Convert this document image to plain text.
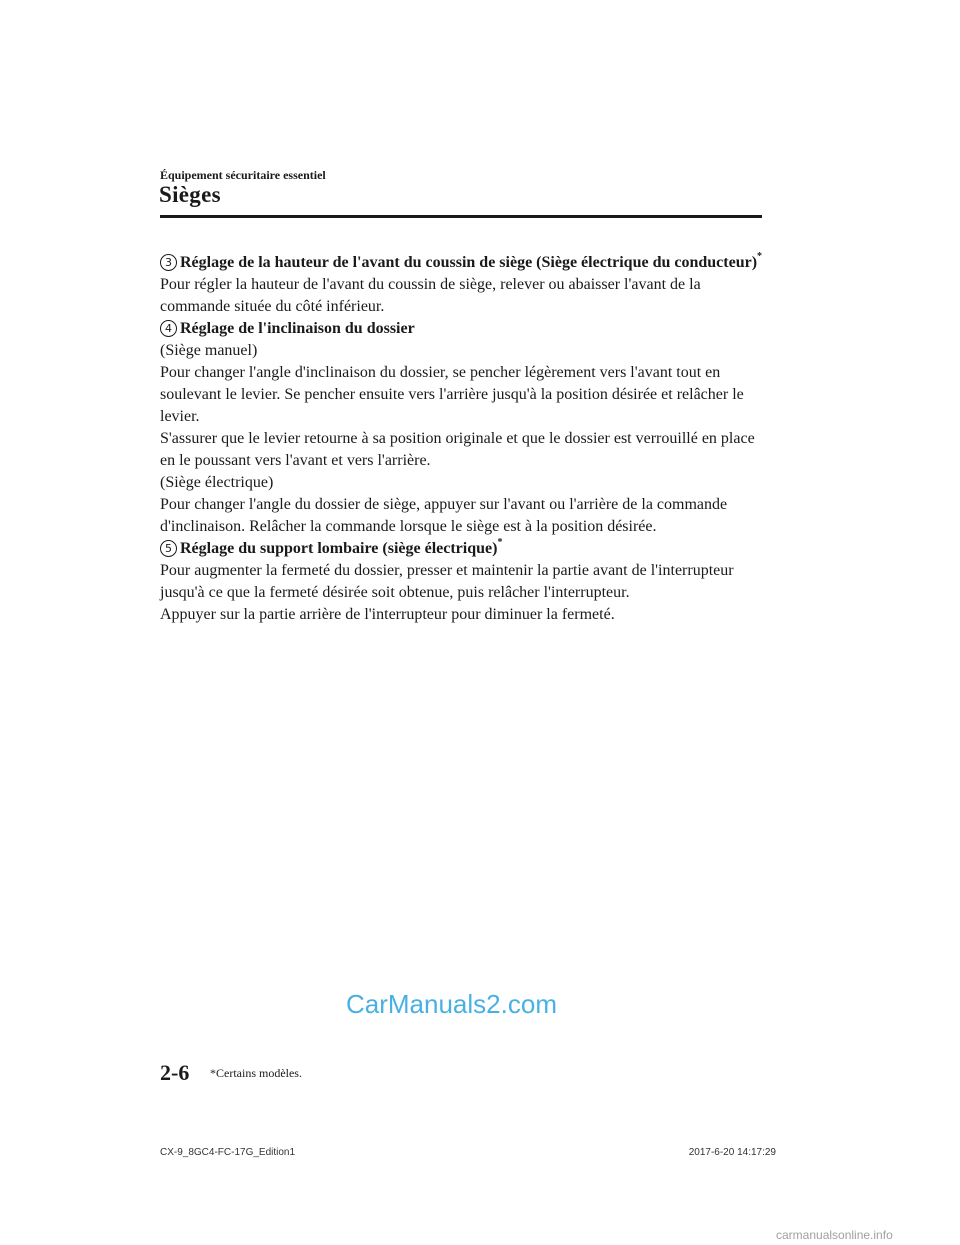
Équipement sécuritaire essentiel
Sièges

3 Réglage de la hauteur de l'avant du coussin de siège (Siège électrique du conducteur)*

Pour régler la hauteur de l'avant du coussin de siège, relever ou abaisser l'avant de la commande située du côté inférieur.

4 Réglage de l'inclinaison du dossier

(Siège manuel)

Pour changer l'angle d'inclinaison du dossier, se pencher légèrement vers l'avant tout en soulevant le levier. Se pencher ensuite vers l'arrière jusqu'à la position désirée et relâcher le levier.

S'assurer que le levier retourne à sa position originale et que le dossier est verrouillé en place en le poussant vers l'avant et vers l'arrière.

(Siège électrique)

Pour changer l'angle du dossier de siège, appuyer sur l'avant ou l'arrière de la commande d'inclinaison. Relâcher la commande lorsque le siège est à la position désirée.

5 Réglage du support lombaire (siège électrique)*

Pour augmenter la fermeté du dossier, presser et maintenir la partie avant de l'interrupteur jusqu'à ce que la fermeté désirée soit obtenue, puis relâcher l'interrupteur.

Appuyer sur la partie arrière de l'interrupteur pour diminuer la fermeté.

CarManuals2.com
2-6 *Certains modèles.
CX-9_8GC4-FC-17G_Edition1	2017-6-20 14:17:29
carmanualsonline.info
